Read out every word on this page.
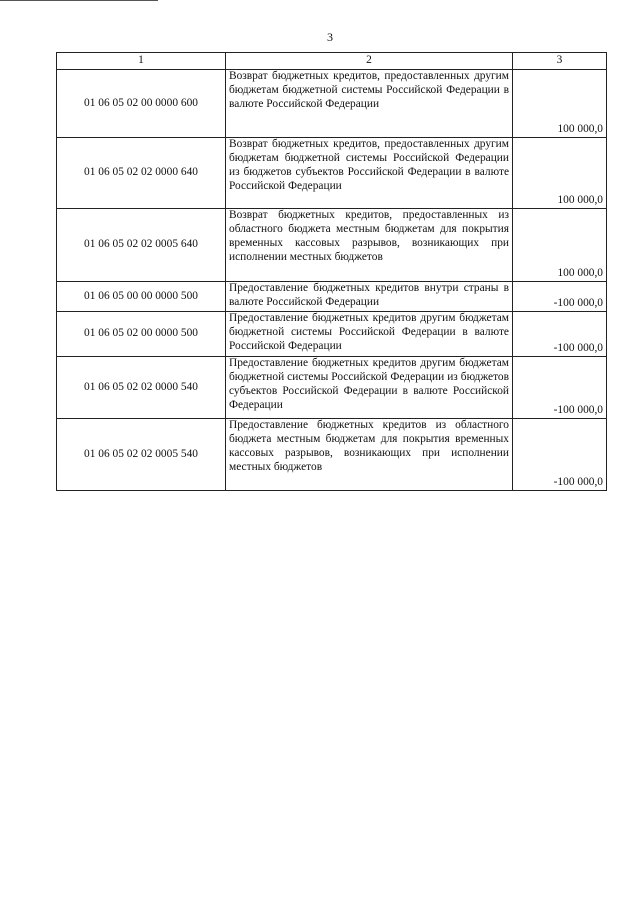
3
1	2	3
01 06 05 02 00 0000 600	Возврат бюджетных кредитов, предоставленных другим бюджетам бюджетной системы Российской Федерации в валюте Российской Федерации	100 000,0
01 06 05 02 02 0000 640	Возврат бюджетных кредитов, предоставленных другим бюджетам бюджетной системы Российской Федерации из бюджетов субъектов Российской Федерации в валюте Российской Федерации	100 000,0
01 06 05 02 02 0005 640	Возврат бюджетных кредитов, предоставленных из областного бюджета местным бюджетам для покрытия временных кассовых разрывов, возникающих при исполнении местных бюджетов	100 000,0
01 06 05 00 00 0000 500	Предоставление бюджетных кредитов внутри страны в валюте Российской Федерации	-100 000,0
01 06 05 02 00 0000 500	Предоставление бюджетных кредитов другим бюджетам бюджетной системы Российской Федерации в валюте Российской Федерации	-100 000,0
01 06 05 02 02 0000 540	Предоставление бюджетных кредитов другим бюджетам бюджетной системы Российской Федерации из бюджетов субъектов Российской Федерации в валюте Российской Федерации	-100 000,0
01 06 05 02 02 0005 540	Предоставление бюджетных кредитов из областного бюджета местным бюджетам для покрытия временных кассовых разрывов, возникающих при исполнении местных бюджетов	-100 000,0
